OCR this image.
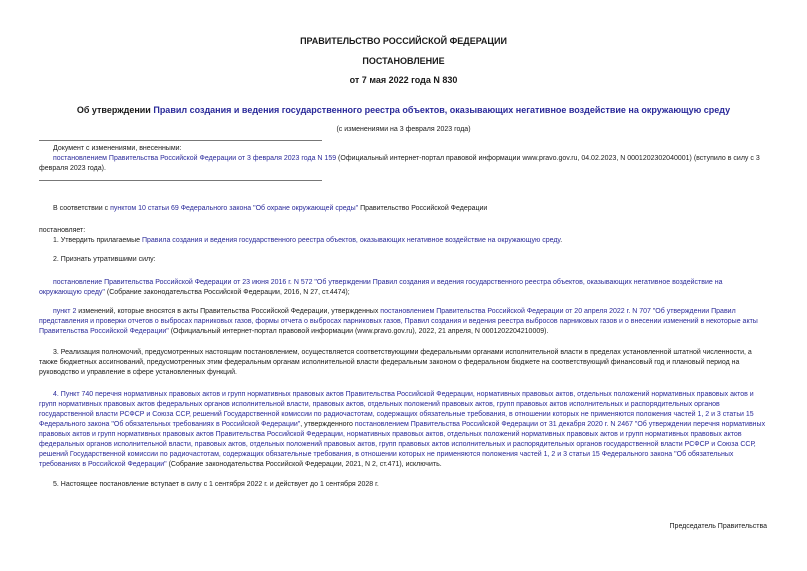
ПРАВИТЕЛЬСТВО РОССИЙСКОЙ ФЕДЕРАЦИИ
ПОСТАНОВЛЕНИЕ
от 7 мая 2022 года N 830
Об утверждении Правил создания и ведения государственного реестра объектов, оказывающих негативное воздействие на окружающую среду
(с изменениями на 3 февраля 2023 года)
Документ с изменениями, внесенными:
постановлением Правительства Российской Федерации от 3 февраля 2023 года N 159 (Официальный интернет-портал правовой информации www.pravo.gov.ru, 04.02.2023, N 0001202302040001) (вступило в силу с 3 февраля 2023 года).
В соответствии с пунктом 10 статьи 69 Федерального закона "Об охране окружающей среды" Правительство Российской Федерации
постановляет:
1. Утвердить прилагаемые Правила создания и ведения государственного реестра объектов, оказывающих негативное воздействие на окружающую среду.
2. Признать утратившими силу:
постановление Правительства Российской Федерации от 23 июня 2016 г. N 572 "Об утверждении Правил создания и ведения государственного реестра объектов, оказывающих негативное воздействие на окружающую среду" (Собрание законодательства Российской Федерации, 2016, N 27, ст.4474);
пункт 2 изменений, которые вносятся в акты Правительства Российской Федерации, утвержденных постановлением Правительства Российской Федерации от 20 апреля 2022 г. N 707 "Об утверждении Правил представления и проверки отчетов о выбросах парниковых газов, формы отчета о выбросах парниковых газов, Правил создания и ведения реестра выбросов парниковых газов и о внесении изменений в некоторые акты Правительства Российской Федерации" (Официальный интернет-портал правовой информации (www.pravo.gov.ru), 2022, 21 апреля, N 0001202204210009).
3. Реализация полномочий, предусмотренных настоящим постановлением, осуществляется соответствующими федеральными органами исполнительной власти в пределах установленной штатной численности, а также бюджетных ассигнований, предусмотренных этим федеральным органам исполнительной власти федеральным законом о федеральном бюджете на соответствующий финансовый год и плановый период на руководство и управление в сфере установленных функций.
4. Пункт 740 перечня нормативных правовых актов и групп нормативных правовых актов Правительства Российской Федерации, нормативных правовых актов, отдельных положений нормативных правовых актов и групп нормативных правовых актов федеральных органов исполнительной власти, правовых актов, отдельных положений правовых актов, групп правовых актов исполнительных и распорядительных органов государственной власти РСФСР и Союза ССР, решений Государственной комиссии по радиочастотам, содержащих обязательные требования, в отношении которых не применяются положения частей 1, 2 и 3 статьи 15 Федерального закона "Об обязательных требованиях в Российской Федерации", утвержденного постановлением Правительства Российской Федерации от 31 декабря 2020 г. N 2467 "Об утверждении перечня нормативных правовых актов и групп нормативных правовых актов Правительства Российской Федерации, нормативных правовых актов, отдельных положений нормативных правовых актов и групп нормативных правовых актов федеральных органов исполнительной власти, правовых актов, отдельных положений правовых актов, групп правовых актов исполнительных и распорядительных органов государственной власти РСФСР и Союза ССР, решений Государственной комиссии по радиочастотам, содержащих обязательные требования, в отношении которых не применяются положения частей 1, 2 и 3 статьи 15 Федерального закона "Об обязательных требованиях в Российской Федерации" (Собрание законодательства Российской Федерации, 2021, N 2, ст.471), исключить.
5. Настоящее постановление вступает в силу с 1 сентября 2022 г. и действует до 1 сентября 2028 г.
Председатель Правительства
